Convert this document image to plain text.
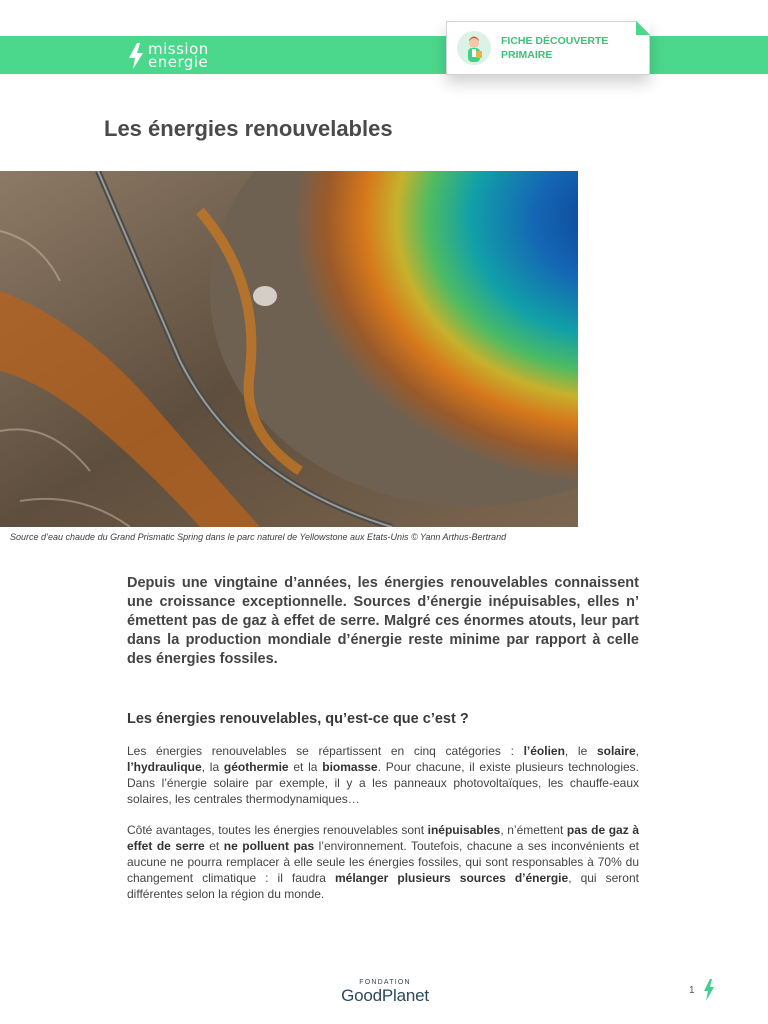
mission
energie
FICHE DÉCOUVERTE
PRIMAIRE
Les énergies renouvelables
Source d’eau chaude du Grand Prismatic Spring dans le parc naturel de Yellowstone aux Etats-Unis © Yann Arthus-Bertrand

Depuis une vingtaine d’années, les énergies renouvelables connaissent une croissance exceptionnelle. Sources d’énergie inépuisables, elles n’ émettent pas de gaz à effet de serre. Malgré ces énormes atouts, leur part dans la production mondiale d’énergie reste minime par rapport à celle des énergies fossiles.

Les énergies renouvelables, qu’est-ce que c’est ?

Les énergies renouvelables se répartissent en cinq catégories : l’éolien, le solaire, l’hydraulique, la géothermie et la biomasse. Pour chacune, il existe plusieurs technologies. Dans l’énergie solaire par exemple, il y a les panneaux photovoltaïques, les chauffe-eaux solaires, les centrales thermodynamiques…

Côté avantages, toutes les énergies renouvelables sont inépuisables, n’émettent pas de gaz à effet de serre et ne polluent pas l’environnement. Toutefois, chacune a ses inconvénients et aucune ne pourra remplacer à elle seule les énergies fossiles, qui sont responsables à 70% du changement climatique : il faudra mélanger plusieurs sources d’énergie, qui seront différentes selon la région du monde.

FONDATION
GoodPlanet	1
